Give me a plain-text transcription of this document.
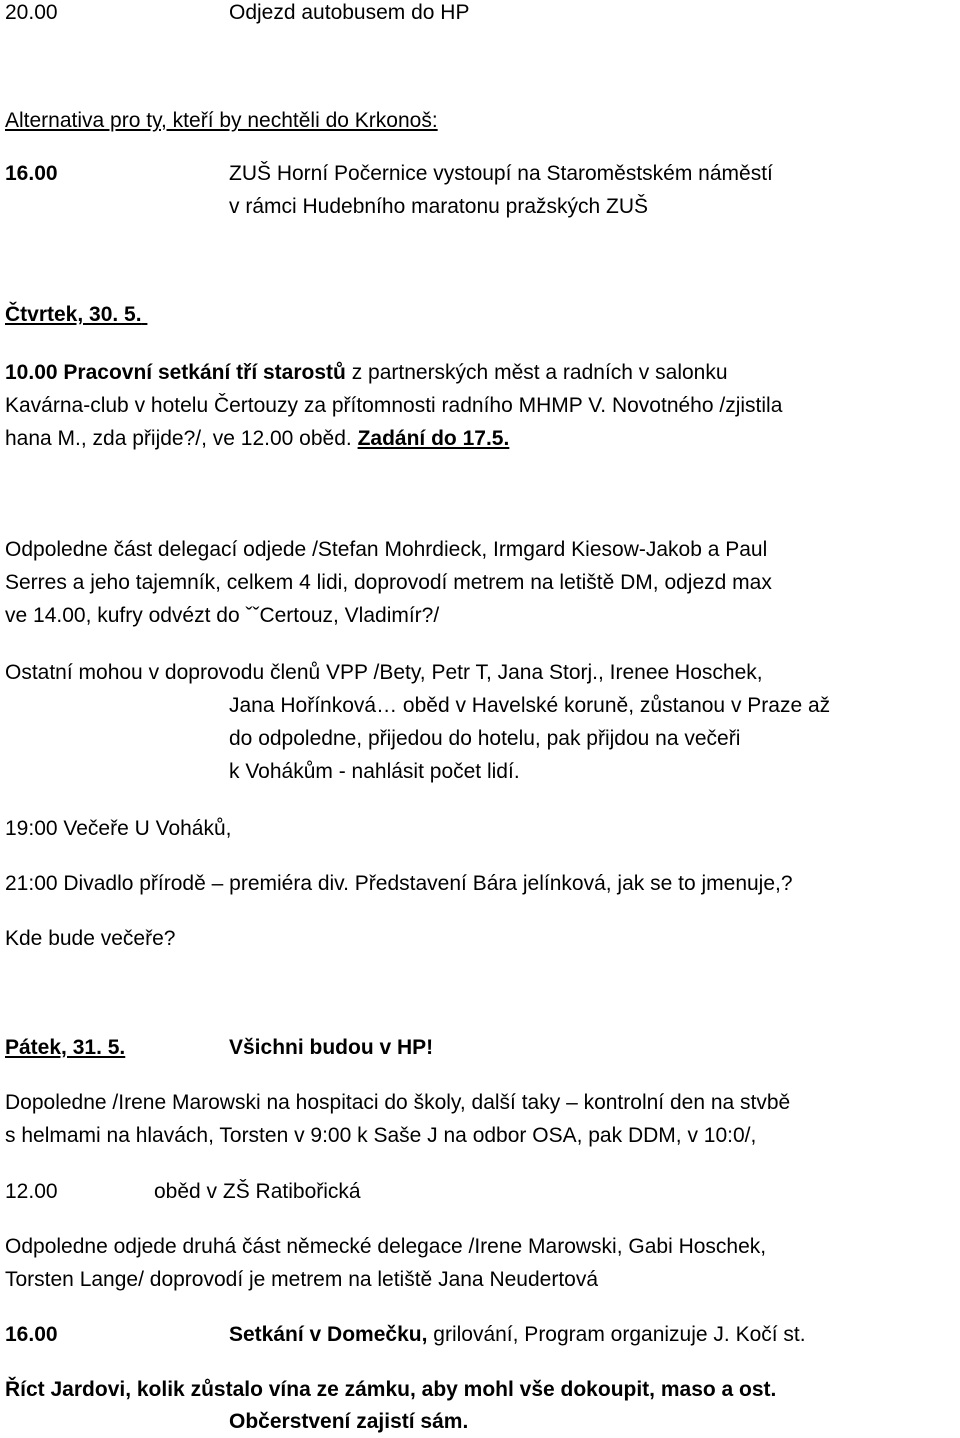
20.00	Odjezd autobusem do HP
Alternativa pro ty, kteří by nechtěli do Krkonoš:
16.00	ZUŠ Horní Počernice vystoupí na Staroměstském náměstí
v rámci Hudebního maratonu pražských ZUŠ
Čtvrtek, 30. 5.
10.00 Pracovní setkání tří starostů z partnerských měst a radních v salonku
Kavárna-club v hotelu Čertouzy za přítomnosti radního MHMP V. Novotného /zjistila
hana M., zda přijde?/, ve 12.00 oběd. Zadání do 17.5.
Odpoledne část delegací odjede /Stefan Mohrdieck, Irmgard Kiesow-Jakob a Paul
Serres a jeho tajemník, celkem 4 lidi, doprovodí metrem na letiště DM, odjezd max
ve 14.00, kufry odvézt do ˇˇCertouz, Vladimír?/
Ostatní mohou v doprovodu členů VPP /Bety, Petr T, Jana Storj., Irenee Hoschek,
Jana Hořínková… oběd v Havelské koruně, zůstanou v Praze až
do odpoledne, přijedou do hotelu, pak přijdou na večeři
k Vohákům - nahlásit počet lidí.
19:00 Večeře U Voháků,
21:00 Divadlo přírodě – premiéra div. Představení Bára jelínková, jak se to jmenuje,?
Kde bude večeře?
Pátek, 31. 5.	Všichni budou v HP!
Dopoledne /Irene Marowski na hospitaci do školy, další taky – kontrolní den na stvbě
s helmami na hlavách, Torsten v 9:00 k Saše J na odbor OSA, pak DDM, v 10:0/,
12.00	oběd v ZŠ Ratibořická
Odpoledne odjede druhá část německé delegace /Irene Marowski, Gabi Hoschek,
Torsten Lange/ doprovodí je metrem na letiště Jana Neudertová
16.00	Setkání v Domečku, grilování, Program organizuje J. Kočí st.
Říct Jardovi, kolik zůstalo vína ze zámku, aby mohl vše dokoupit, maso a ost.
Občerstvení zajistí sám.
